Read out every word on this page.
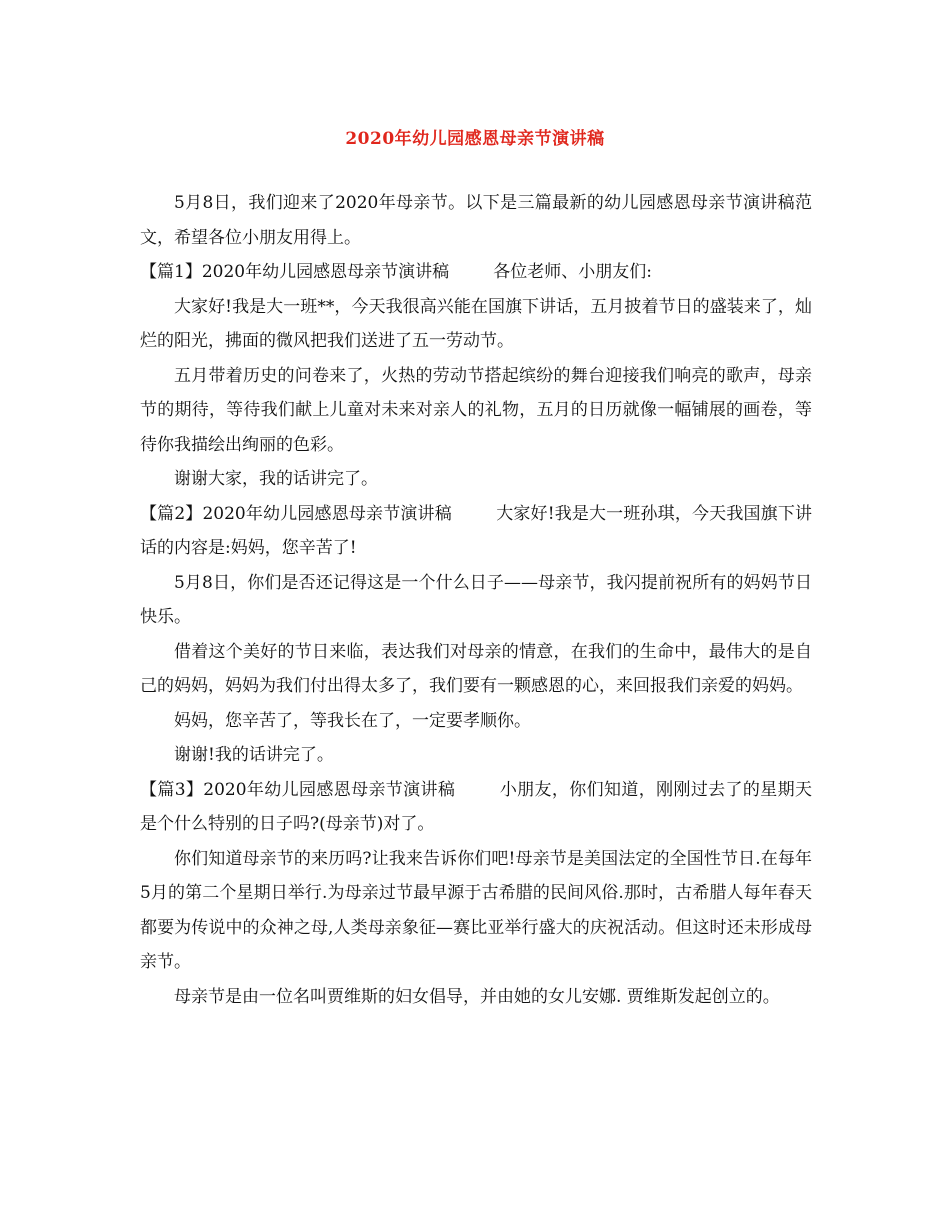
2020年幼儿园感恩母亲节演讲稿

5月8日，我们迎来了2020年母亲节。以下是三篇最新的幼儿园感恩母亲节演讲稿范文，希望各位小朋友用得上。

【篇1】2020年幼儿园感恩母亲节演讲稿	各位老师、小朋友们:

大家好!我是大一班**，今天我很高兴能在国旗下讲话，五月披着节日的盛装来了，灿烂的阳光，拂面的微风把我们送进了五一劳动节。

五月带着历史的问卷来了，火热的劳动节搭起缤纷的舞台迎接我们响亮的歌声，母亲节的期待，等待我们献上儿童对未来对亲人的礼物，五月的日历就像一幅铺展的画卷，等待你我描绘出绚丽的色彩。

谢谢大家，我的话讲完了。

【篇2】2020年幼儿园感恩母亲节演讲稿	大家好!我是大一班孙琪，今天我国旗下讲话的内容是:妈妈，您辛苦了!

5月8日，你们是否还记得这是一个什么日子——母亲节，我闪提前祝所有的妈妈节日快乐。

借着这个美好的节日来临，表达我们对母亲的情意，在我们的生命中，最伟大的是自己的妈妈，妈妈为我们付出得太多了，我们要有一颗感恩的心，来回报我们亲爱的妈妈。

妈妈，您辛苦了，等我长在了，一定要孝顺你。

谢谢!我的话讲完了。

【篇3】2020年幼儿园感恩母亲节演讲稿	小朋友，你们知道，刚刚过去了的星期天是个什么特别的日子吗?(母亲节)对了。

你们知道母亲节的来历吗?让我来告诉你们吧!母亲节是美国法定的全国性节日.在每年5月的第二个星期日举行.为母亲过节最早源于古希腊的民间风俗.那时，古希腊人每年春天都要为传说中的众神之母,人类母亲象征—赛比亚举行盛大的庆祝活动。但这时还未形成母亲节。

母亲节是由一位名叫贾维斯的妇女倡导，并由她的女儿安娜. 贾维斯发起创立的。
